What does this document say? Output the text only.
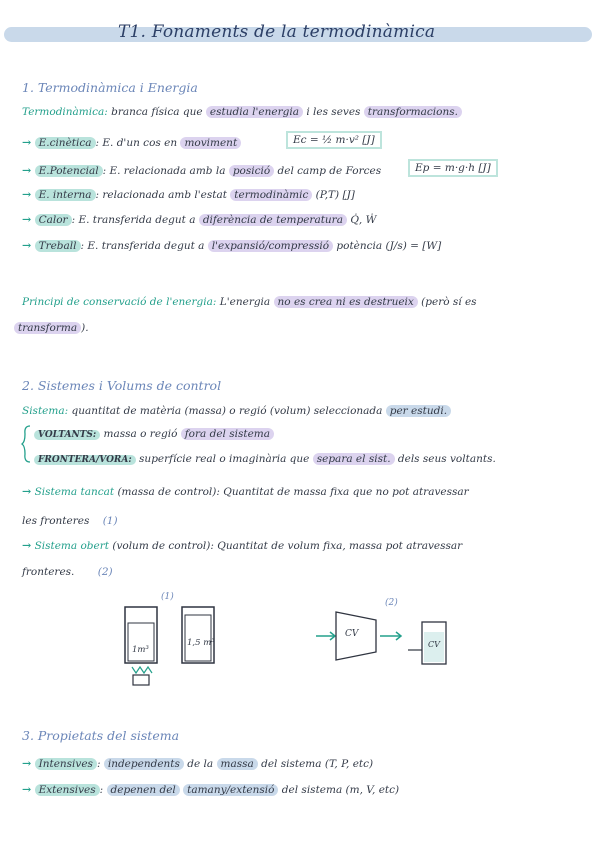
T1. Fonaments de la termodinàmica
1. Termodinàmica i Energia
Termodinàmica: branca física que estudia l'energia i les seves transformacions.
→ E.cinètica : E. d'un cos en moviment	Ec = ½ m·v² [J]
→ E.Potencial : E. relacionada amb la posició del camp de Forces	Ep = m·g·h [J]
→ E. interna : relacionada amb l'estat termodinàmic (P,T) [J]
→ Calor : E. transferida degut a diferència de temperatura Q̇, Ẇ
→ Treball : E. transferida degut a l'expansió/compressió potència (J/s) = [W]
Principi de conservació de l'energia: L'energia no es crea ni es destrueix (però sí es
transforma ).
2. Sistemes i Volums de control
Sistema: quantitat de matèria (massa) o regió (volum) seleccionada per estudi.
VOLTANTS: massa o regió fora del sistema
FRONTERA/VORA: superfície real o imaginària que separa el sist. dels seus voltants.
→ Sistema tancat (massa de control): Quantitat de massa fixa que no pot atravessar
les fronteres (1)
→ Sistema obert (volum de control): Quantitat de volum fixa, massa pot atravessar
fronteres. (2)
(1)
1m³
1,5 m³
(2)
CV
CV
3. Propietats del sistema
→ Intensives : independents de la massa del sistema (T, P, etc)
→ Extensives : depenen del tamany/extensió del sistema (m, V, etc)
